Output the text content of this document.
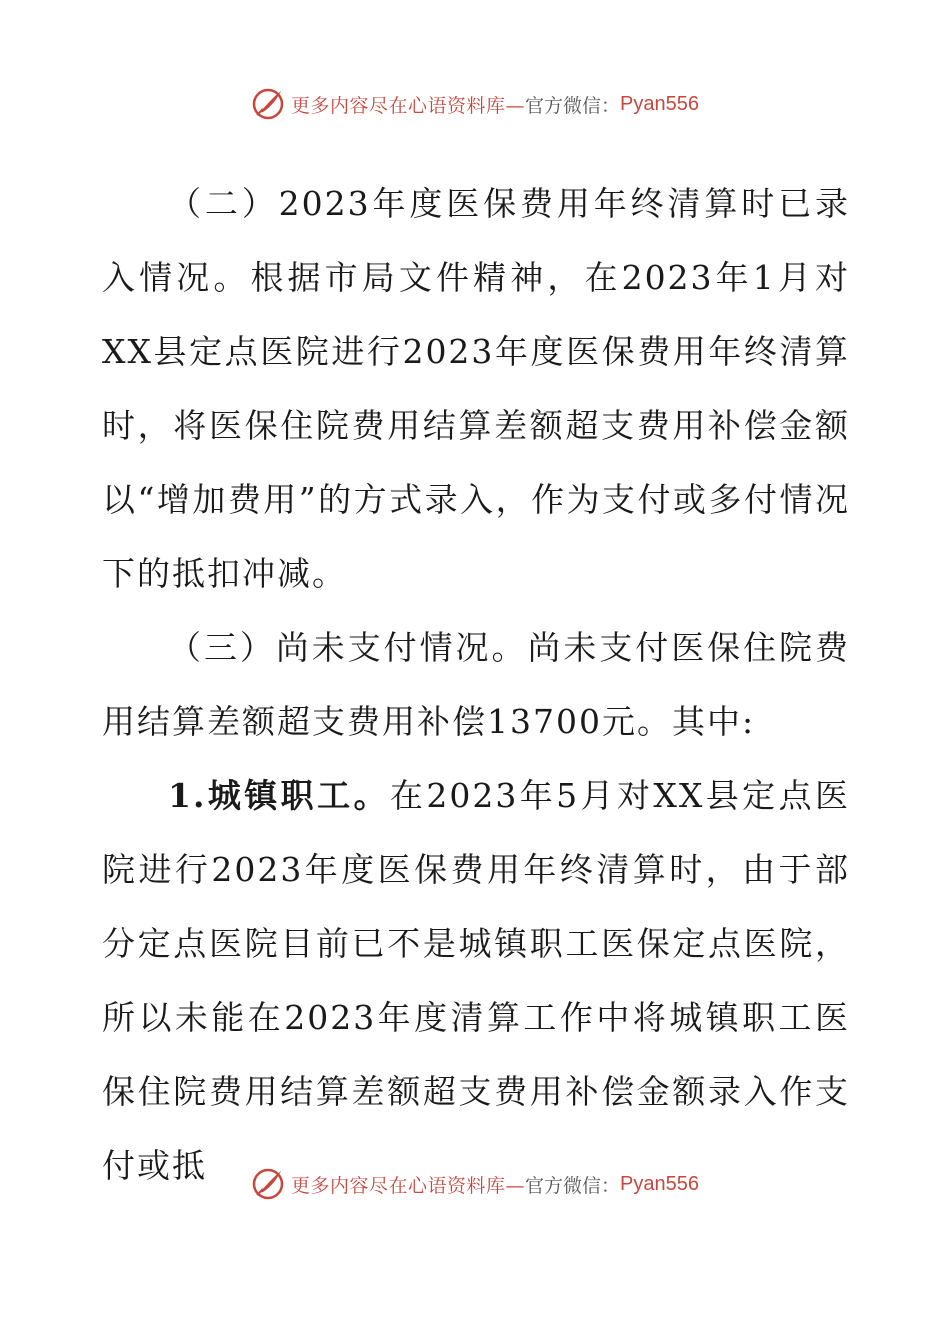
更多内容尽在心语资料库— 官方微信： Pyan556

（二）2023年度医保费用年终清算时已录入情况。根据市局文件精神，在2023年1月对XX县定点医院进行2023年度医保费用年终清算时，将医保住院费用结算差额超支费用补偿金额以“增加费用”的方式录入，作为支付或多付情况下的抵扣冲减。

（三）尚未支付情况。尚未支付医保住院费用结算差额超支费用补偿13700元。其中:

1.城镇职工。在2023年5月对XX县定点医院进行2023年度医保费用年终清算时，由于部分定点医院目前已不是城镇职工医保定点医院，所以未能在2023年度清算工作中将城镇职工医保住院费用结算差额超支费用补偿金额录入作支付或抵

更多内容尽在心语资料库— 官方微信： Pyan556
